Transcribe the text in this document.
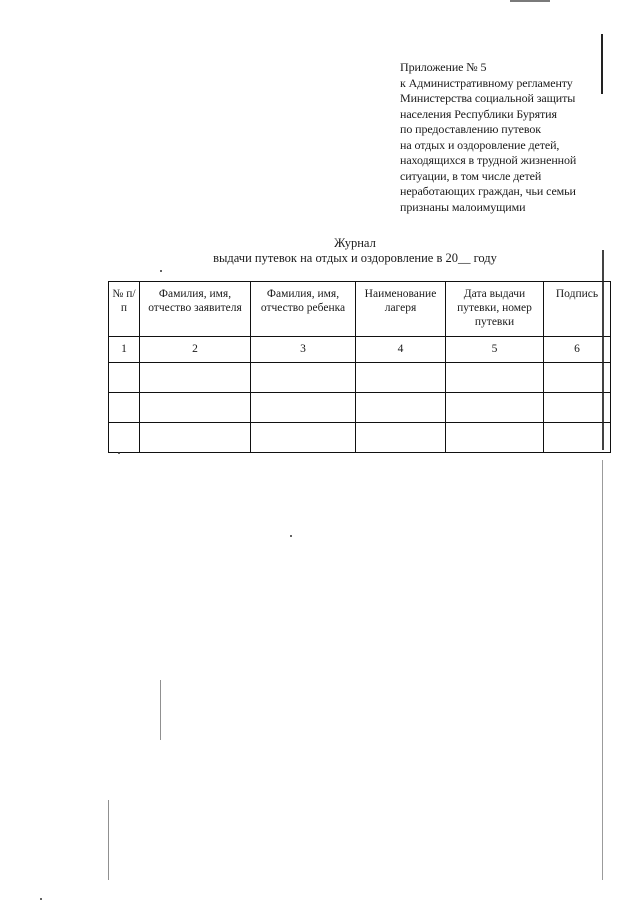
Приложение № 5
к Административному регламенту
Министерства социальной защиты
населения Республики Бурятия
по предоставлению путевок
на отдых и оздоровление детей,
находящихся в трудной жизненной
ситуации, в том числе детей
неработающих граждан, чьи семьи
признаны малоимущими
Журнал
выдачи путевок на отдых и оздоровление в 20__ году
№ п/п	Фамилия, имя, отчество заявителя	Фамилия, имя, отчество ребенка	Наименование лагеря	Дата выдачи путевки, номер путевки	Подпись
1	2	3	4	5	6
